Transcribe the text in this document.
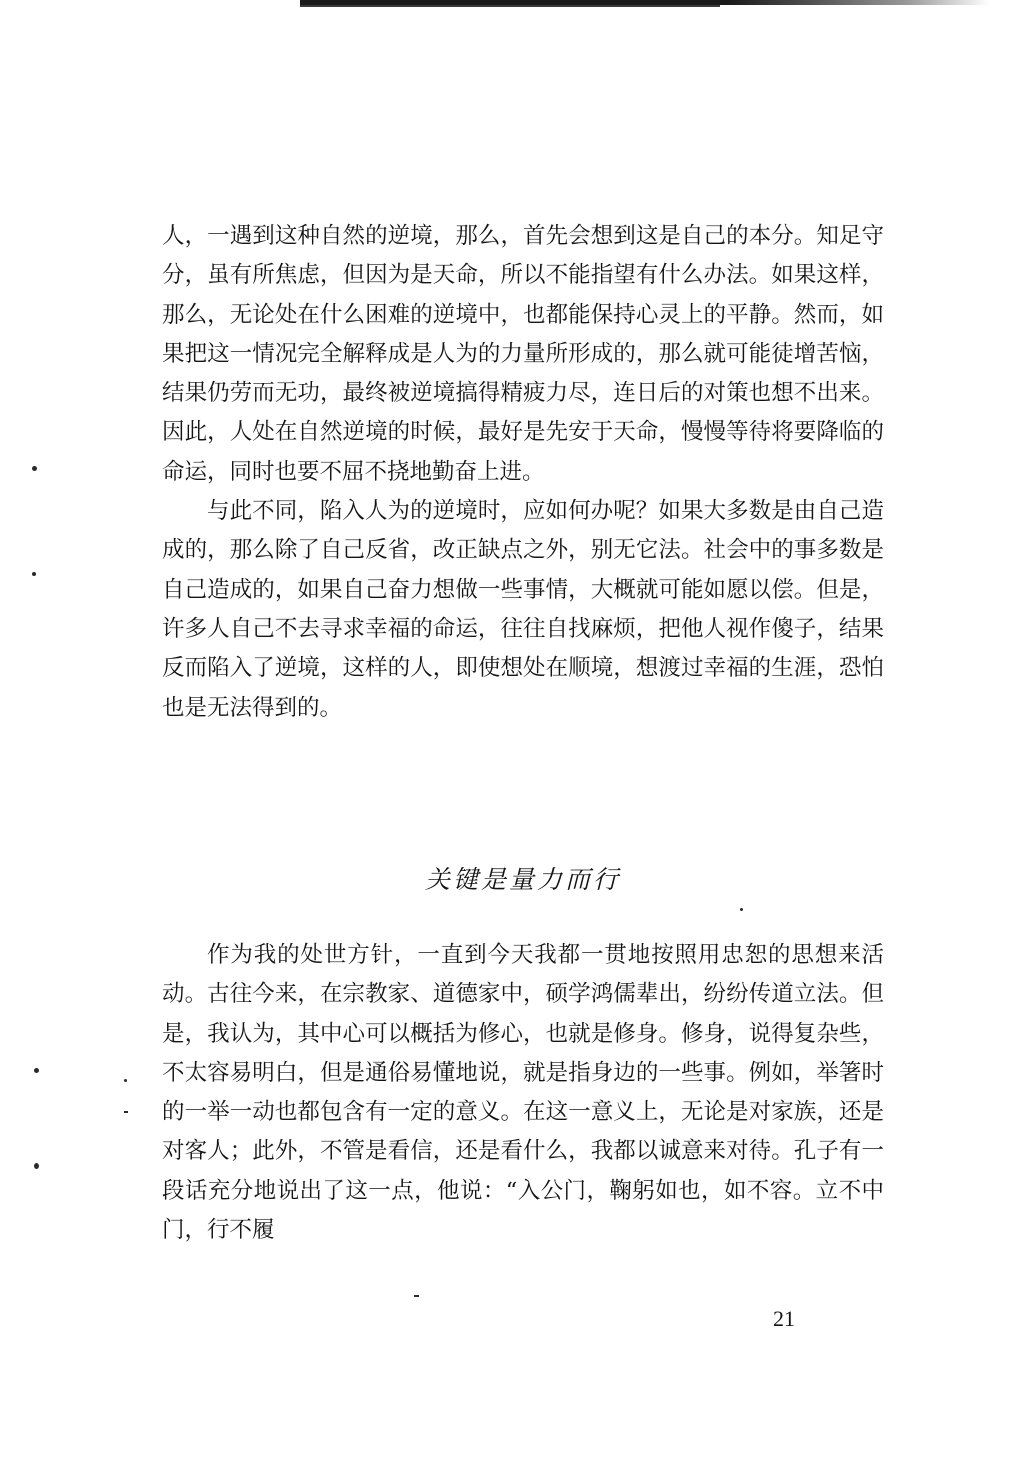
人，一遇到这种自然的逆境，那么，首先会想到这是自己的本分。知足守分，虽有所焦虑，但因为是天命，所以不能指望有什么办法。如果这样，那么，无论处在什么困难的逆境中，也都能保持心灵上的平静。然而，如果把这一情况完全解释成是人为的力量所形成的，那么就可能徒增苦恼，结果仍劳而无功，最终被逆境搞得精疲力尽，连日后的对策也想不出来。因此，人处在自然逆境的时候，最好是先安于天命，慢慢等待将要降临的命运，同时也要不屈不挠地勤奋上进。

与此不同，陷入人为的逆境时，应如何办呢？如果大多数是由自己造成的，那么除了自己反省，改正缺点之外，别无它法。社会中的事多数是自己造成的，如果自己奋力想做一些事情，大概就可能如愿以偿。但是，许多人自己不去寻求幸福的命运，往往自找麻烦，把他人视作傻子，结果反而陷入了逆境，这样的人，即使想处在顺境，想渡过幸福的生涯，恐怕也是无法得到的。

关键是量力而行

作为我的处世方针，一直到今天我都一贯地按照用忠恕的思想来活动。古往今来，在宗教家、道德家中，硕学鸿儒辈出，纷纷传道立法。但是，我认为，其中心可以概括为修心，也就是修身。修身，说得复杂些，不太容易明白，但是通俗易懂地说，就是指身边的一些事。例如，举箸时的一举一动也都包含有一定的意义。在这一意义上，无论是对家族，还是对客人；此外，不管是看信，还是看什么，我都以诚意来对待。孔子有一段话充分地说出了这一点，他说：“入公门，鞠躬如也，如不容。立不中门，行不履

21
